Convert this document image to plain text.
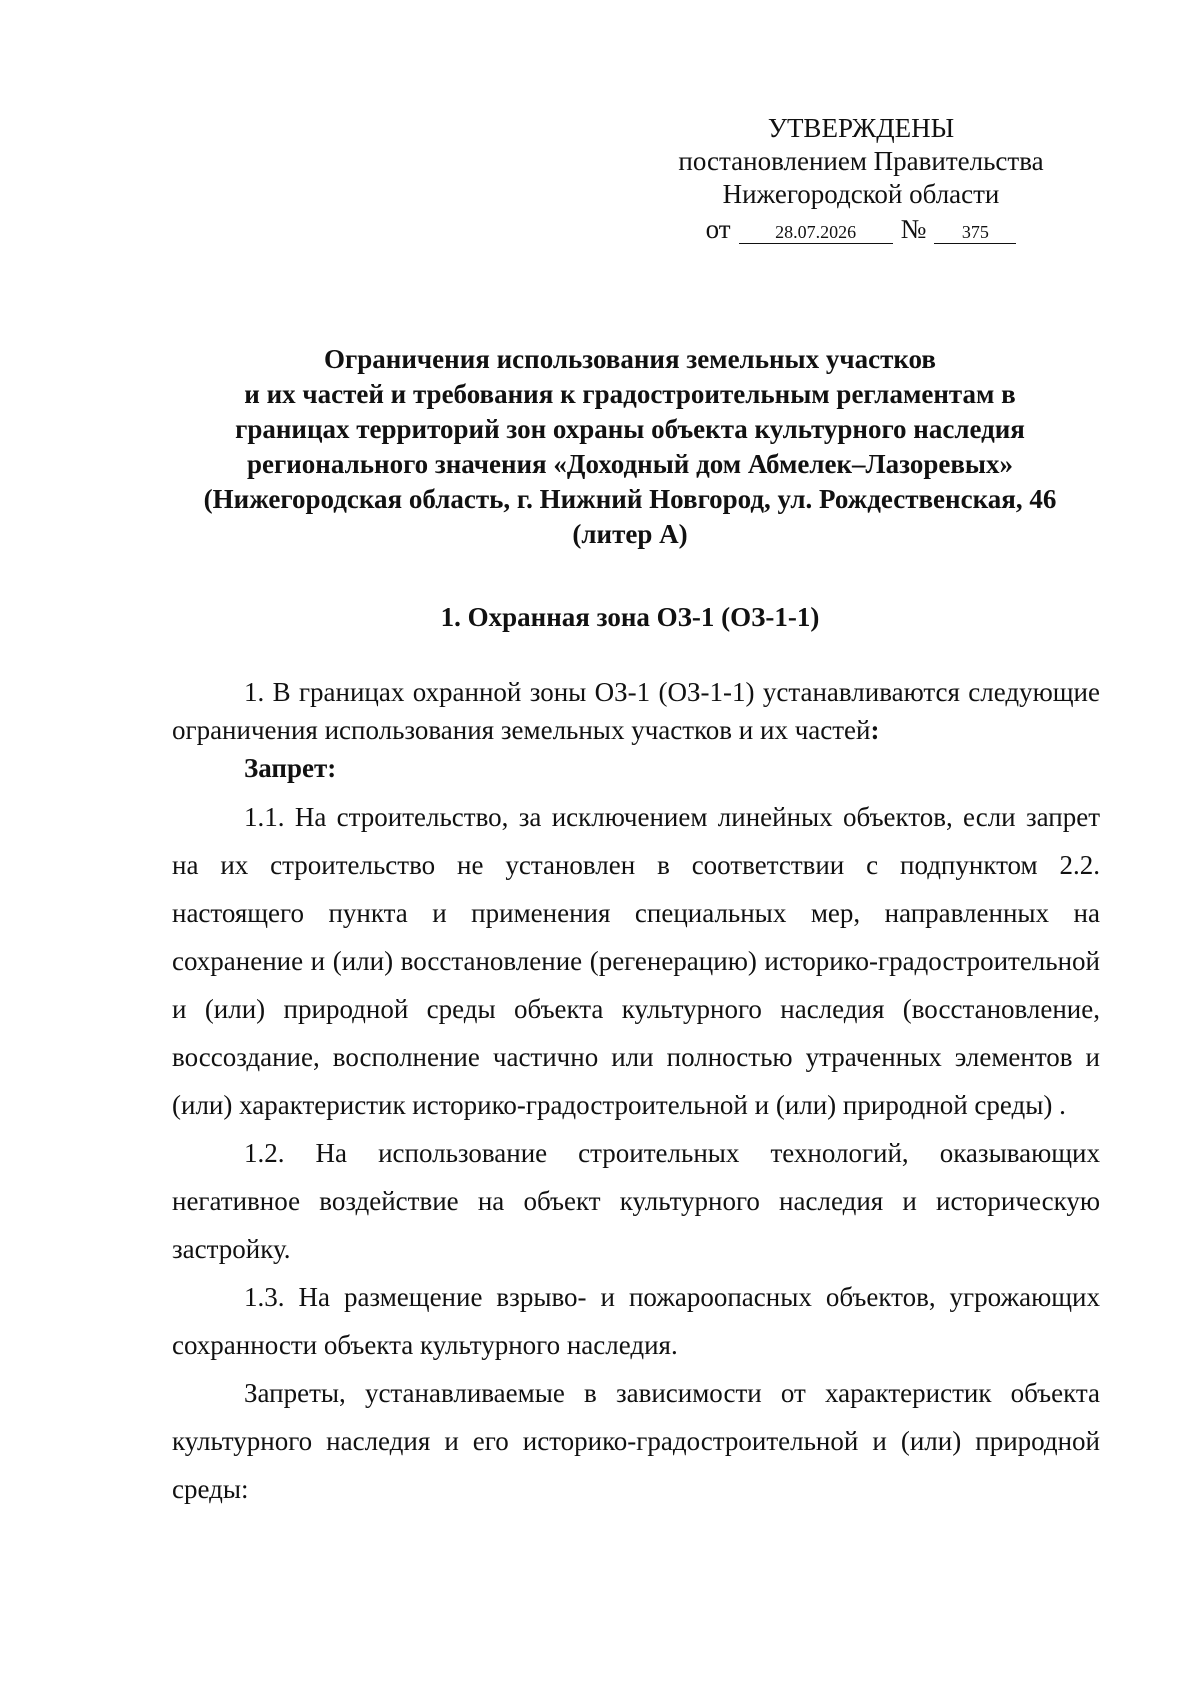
УТВЕРЖДЕНЫ
постановлением Правительства
Нижегородской области
от	28.07.2026	№	375
Ограничения использования земельных участков
и их частей и требования к градостроительным регламентам в
границах территорий зон охраны объекта культурного наследия
регионального значения «Доходный дом Абмелек–Лазоревых»
(Нижегородская область, г. Нижний Новгород, ул. Рождественская, 46
(литер А)
1. Охранная зона ОЗ-1 (ОЗ-1-1)

1. В границах охранной зоны ОЗ-1 (ОЗ-1-1) устанавливаются следующие ограничения использования земельных участков и их частей:

Запрет:

1.1. На строительство, за исключением линейных объектов, если запрет на их строительство не установлен в соответствии с подпунктом 2.2. настоящего пункта и применения специальных мер, направленных на сохранение и (или) восстановление (регенерацию) историко-градостроительной и (или) природной среды объекта культурного наследия (восстановление, воссоздание, восполнение частично или полностью утраченных элементов и (или) характеристик историко-градостроительной и (или) природной среды) .

1.2. На использование строительных технологий, оказывающих негативное воздействие на объект культурного наследия и историческую застройку.

1.3. На размещение взрыво- и пожароопасных объектов, угрожающих сохранности объекта культурного наследия.

Запреты, устанавливаемые в зависимости от характеристик объекта культурного наследия и его историко-градостроительной и (или) природной среды:
